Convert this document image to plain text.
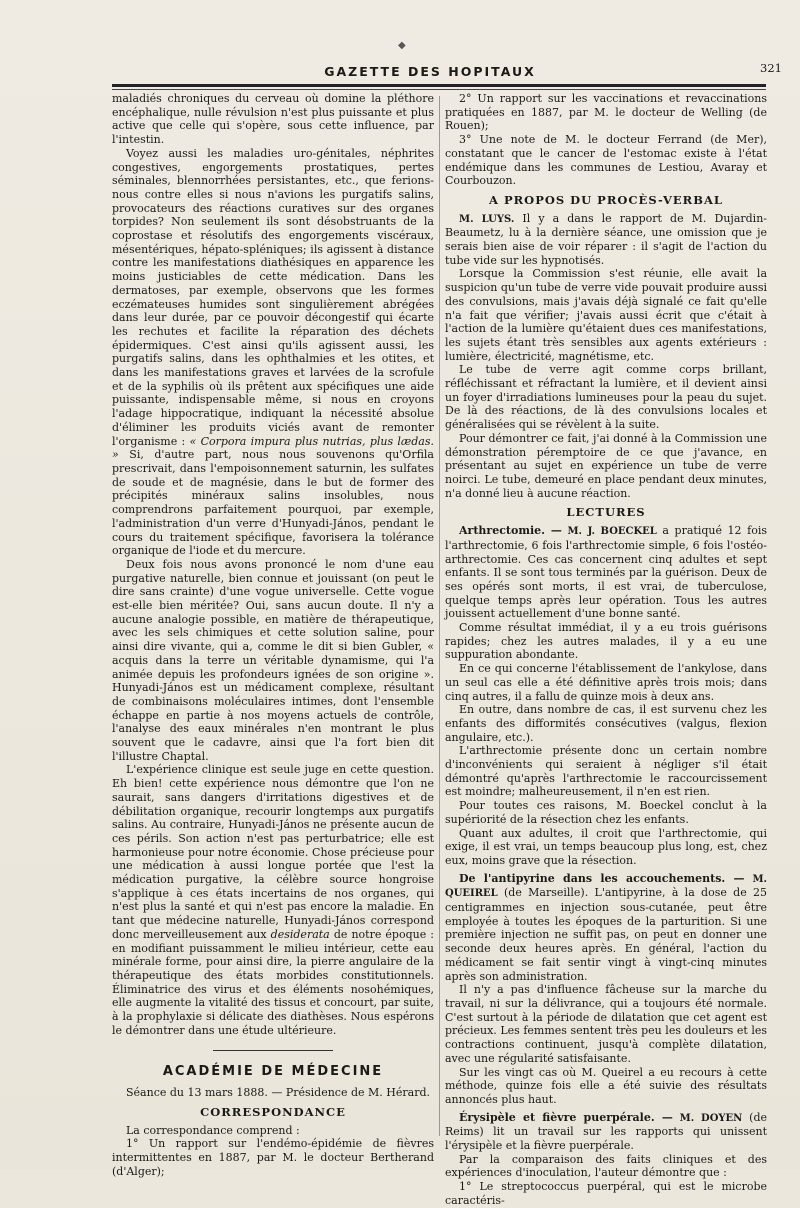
◆
GAZETTE DES HOPITAUX	321

maladiés chroniques du cerveau où domine la pléthore encéphalique, nulle révulsion n'est plus puissante et plus active que celle qui s'opère, sous cette influence, par l'intestin.

Voyez aussi les maladies uro-génitales, néphrites congestives, engorgements prostatiques, pertes séminales, blennorrhées persistantes, etc., que ferions-nous contre elles si nous n'avions les purgatifs salins, provocateurs des réactions curatives sur des organes torpides? Non seulement ils sont désobstruants de la coprostase et résolutifs des engorgements viscéraux, mésentériques, hépato-spléniques; ils agissent à distance contre les manifestations diathésiques en apparence les moins justiciables de cette médication. Dans les dermatoses, par exemple, observons que les formes eczémateuses humides sont singulièrement abrégées dans leur durée, par ce pouvoir décongestif qui écarte les rechutes et facilite la réparation des déchets épidermiques. C'est ainsi qu'ils agissent aussi, les purgatifs salins, dans les ophthalmies et les otites, et dans les manifestations graves et larvées de la scrofule et de la syphilis où ils prêtent aux spécifiques une aide puissante, indispensable même, si nous en croyons l'adage hippocratique, indiquant la nécessité absolue d'éliminer les produits viciés avant de remonter l'organisme : « Corpora impura plus nutrias, plus lædas. » Si, d'autre part, nous nous souvenons qu'Orfila prescrivait, dans l'empoisonnement saturnin, les sulfates de soude et de magnésie, dans le but de former des précipités minéraux salins insolubles, nous comprendrons parfaitement pourquoi, par exemple, l'administration d'un verre d'Hunyadi-János, pendant le cours du traitement spécifique, favorisera la tolérance organique de l'iode et du mercure.

Deux fois nous avons prononcé le nom d'une eau purgative naturelle, bien connue et jouissant (on peut le dire sans crainte) d'une vogue universelle. Cette vogue est-elle bien méritée? Oui, sans aucun doute. Il n'y a aucune analogie possible, en matière de thérapeutique, avec les sels chimiques et cette solution saline, pour ainsi dire vivante, qui a, comme le dit si bien Gubler, « acquis dans la terre un véritable dynamisme, qui l'a animée depuis les profondeurs ignées de son origine ». Hunyadi-János est un médicament complexe, résultant de combinaisons moléculaires intimes, dont l'ensemble échappe en partie à nos moyens actuels de contrôle, l'analyse des eaux minérales n'en montrant le plus souvent que le cadavre, ainsi que l'a fort bien dit l'illustre Chaptal.

L'expérience clinique est seule juge en cette question. Eh bien! cette expérience nous démontre que l'on ne saurait, sans dangers d'irritations digestives et de débilitation organique, recourir longtemps aux purgatifs salins. Au contraire, Hunyadi-János ne présente aucun de ces périls. Son action n'est pas perturbatrice; elle est harmonieuse pour notre économie. Chose précieuse pour une médication à aussi longue portée que l'est la médication purgative, la célèbre source hongroise s'applique à ces états incertains de nos organes, qui n'est plus la santé et qui n'est pas encore la maladie. En tant que médecine naturelle, Hunyadi-János correspond donc merveilleusement aux desiderata de notre époque : en modifiant puissamment le milieu intérieur, cette eau minérale forme, pour ainsi dire, la pierre angulaire de la thérapeutique des états morbides constitutionnels. Éliminatrice des virus et des éléments nosohémiques, elle augmente la vitalité des tissus et concourt, par suite, à la prophylaxie si délicate des diathèses. Nous espérons le démontrer dans une étude ultérieure.

ACADÉMIE DE MÉDECINE

Séance du 13 mars 1888. — Présidence de M. Hérard.

CORRESPONDANCE

La correspondance comprend :

1° Un rapport sur l'endémo-épidémie de fièvres intermittentes en 1887, par M. le docteur Bertherand (d'Alger);

2° Un rapport sur les vaccinations et revaccinations pratiquées en 1887, par M. le docteur de Welling (de Rouen);

3° Une note de M. le docteur Ferrand (de Mer), constatant que le cancer de l'estomac existe à l'état endémique dans les communes de Lestiou, Avaray et Courbouzon.

A PROPOS DU PROCÈS-VERBAL

M. LUYS. Il y a dans le rapport de M. Dujardin-Beaumetz, lu à la dernière séance, une omission que je serais bien aise de voir réparer : il s'agit de l'action du tube vide sur les hypnotisés.

Lorsque la Commission s'est réunie, elle avait la suspicion qu'un tube de verre vide pouvait produire aussi des convulsions, mais j'avais déjà signalé ce fait qu'elle n'a fait que vérifier; j'avais aussi écrit que c'était à l'action de la lumière qu'étaient dues ces manifestations, les sujets étant très sensibles aux agents extérieurs : lumière, électricité, magnétisme, etc.

Le tube de verre agit comme corps brillant, réfléchissant et réfractant la lumière, et il devient ainsi un foyer d'irradiations lumineuses pour la peau du sujet. De là des réactions, de là des convulsions locales et généralisées qui se révèlent à la suite.

Pour démontrer ce fait, j'ai donné à la Commission une démonstration péremptoire de ce que j'avance, en présentant au sujet en expérience un tube de verre noirci. Le tube, demeuré en place pendant deux minutes, n'a donné lieu à aucune réaction.

LECTURES

Arthrectomie. — M. J. BOECKEL a pratiqué 12 fois l'arthrectomie, 6 fois l'arthrectomie simple, 6 fois l'ostéo-arthrectomie. Ces cas concernent cinq adultes et sept enfants. Il se sont tous terminés par la guérison. Deux de ses opérés sont morts, il est vrai, de tuberculose, quelque temps après leur opération. Tous les autres jouissent actuellement d'une bonne santé.

Comme résultat immédiat, il y a eu trois guérisons rapides; chez les autres malades, il y a eu une suppuration abondante.

En ce qui concerne l'établissement de l'ankylose, dans un seul cas elle a été définitive après trois mois; dans cinq autres, il a fallu de quinze mois à deux ans.

En outre, dans nombre de cas, il est survenu chez les enfants des difformités consécutives (valgus, flexion angulaire, etc.).

L'arthrectomie présente donc un certain nombre d'inconvénients qui seraient à négliger s'il était démontré qu'après l'arthrectomie le raccourcissement est moindre; malheureusement, il n'en est rien.

Pour toutes ces raisons, M. Boeckel conclut à la supériorité de la résection chez les enfants.

Quant aux adultes, il croit que l'arthrectomie, qui exige, il est vrai, un temps beaucoup plus long, est, chez eux, moins grave que la résection.

De l'antipyrine dans les accouchements. — M. QUEIREL (de Marseille). L'antipyrine, à la dose de 25 centigrammes en injection sous-cutanée, peut être employée à toutes les époques de la parturition. Si une première injection ne suffit pas, on peut en donner une seconde deux heures après. En général, l'action du médicament se fait sentir vingt à vingt-cinq minutes après son administration.

Il n'y a pas d'influence fâcheuse sur la marche du travail, ni sur la délivrance, qui a toujours été normale. C'est surtout à la période de dilatation que cet agent est précieux. Les femmes sentent très peu les douleurs et les contractions continuent, jusqu'à complète dilatation, avec une régularité satisfaisante.

Sur les vingt cas où M. Queirel a eu recours à cette méthode, quinze fois elle a été suivie des résultats annoncés plus haut.

Érysipèle et fièvre puerpérale. — M. DOYEN (de Reims) lit un travail sur les rapports qui unissent l'érysipèle et la fièvre puerpérale.

Par la comparaison des faits cliniques et des expériences d'inoculation, l'auteur démontre que :

1° Le streptococcus puerpéral, qui est le microbe caractéris-
